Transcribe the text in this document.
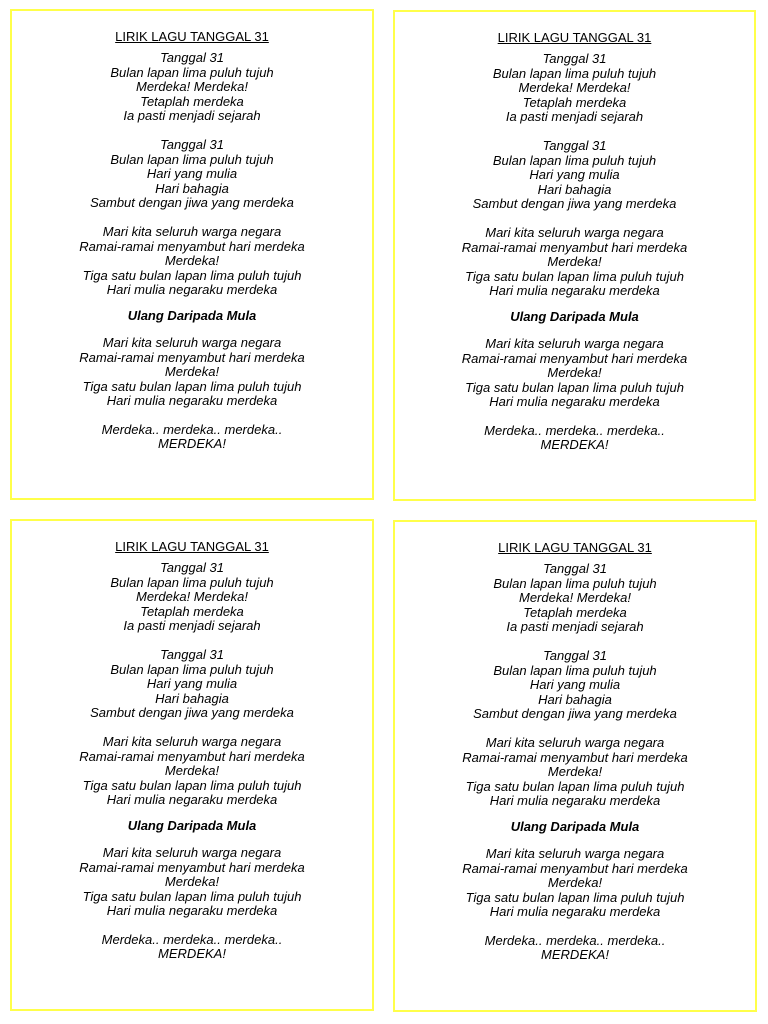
LIRIK LAGU TANGGAL 31
Tanggal 31
Bulan lapan lima puluh tujuh
Merdeka! Merdeka!
Tetaplah merdeka
Ia pasti menjadi sejarah
Tanggal 31
Bulan lapan lima puluh tujuh
Hari yang mulia
Hari bahagia
Sambut dengan jiwa yang merdeka
Mari kita seluruh warga negara
Ramai-ramai menyambut hari merdeka
Merdeka!
Tiga satu bulan lapan lima puluh tujuh
Hari mulia negaraku merdeka
Ulang Daripada Mula
Mari kita seluruh warga negara
Ramai-ramai menyambut hari merdeka
Merdeka!
Tiga satu bulan lapan lima puluh tujuh
Hari mulia negaraku merdeka
Merdeka.. merdeka.. merdeka..
MERDEKA!
LIRIK LAGU TANGGAL 31
Tanggal 31
Bulan lapan lima puluh tujuh
Merdeka! Merdeka!
Tetaplah merdeka
Ia pasti menjadi sejarah
Tanggal 31
Bulan lapan lima puluh tujuh
Hari yang mulia
Hari bahagia
Sambut dengan jiwa yang merdeka
Mari kita seluruh warga negara
Ramai-ramai menyambut hari merdeka
Merdeka!
Tiga satu bulan lapan lima puluh tujuh
Hari mulia negaraku merdeka
Ulang Daripada Mula
Mari kita seluruh warga negara
Ramai-ramai menyambut hari merdeka
Merdeka!
Tiga satu bulan lapan lima puluh tujuh
Hari mulia negaraku merdeka
Merdeka.. merdeka.. merdeka..
MERDEKA!
LIRIK LAGU TANGGAL 31
Tanggal 31
Bulan lapan lima puluh tujuh
Merdeka! Merdeka!
Tetaplah merdeka
Ia pasti menjadi sejarah
Tanggal 31
Bulan lapan lima puluh tujuh
Hari yang mulia
Hari bahagia
Sambut dengan jiwa yang merdeka
Mari kita seluruh warga negara
Ramai-ramai menyambut hari merdeka
Merdeka!
Tiga satu bulan lapan lima puluh tujuh
Hari mulia negaraku merdeka
Ulang Daripada Mula
Mari kita seluruh warga negara
Ramai-ramai menyambut hari merdeka
Merdeka!
Tiga satu bulan lapan lima puluh tujuh
Hari mulia negaraku merdeka
Merdeka.. merdeka.. merdeka..
MERDEKA!
LIRIK LAGU TANGGAL 31
Tanggal 31
Bulan lapan lima puluh tujuh
Merdeka! Merdeka!
Tetaplah merdeka
Ia pasti menjadi sejarah
Tanggal 31
Bulan lapan lima puluh tujuh
Hari yang mulia
Hari bahagia
Sambut dengan jiwa yang merdeka
Mari kita seluruh warga negara
Ramai-ramai menyambut hari merdeka
Merdeka!
Tiga satu bulan lapan lima puluh tujuh
Hari mulia negaraku merdeka
Ulang Daripada Mula
Mari kita seluruh warga negara
Ramai-ramai menyambut hari merdeka
Merdeka!
Tiga satu bulan lapan lima puluh tujuh
Hari mulia negaraku merdeka
Merdeka.. merdeka.. merdeka..
MERDEKA!
